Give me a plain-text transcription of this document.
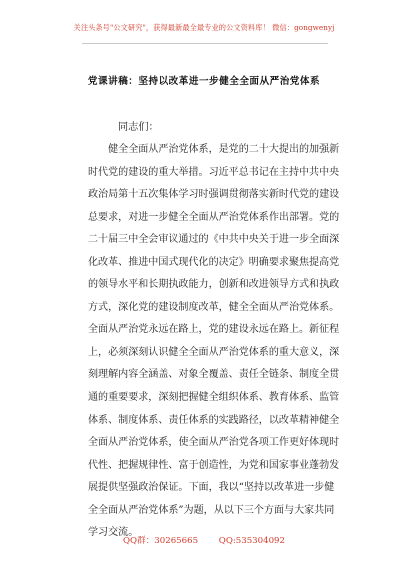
关注头条号"公文研究"，获得最新最全最专业的公文资料库！ 微信：gongwenyj
党课讲稿：坚持以改革进一步健全全面从严治党体系
同志们：
　　健全全面从严治党体系，是党的二十大提出的加强新
时代党的建设的重大举措。习近平总书记在主持中共中央
政治局第十五次集体学习时强调贯彻落实新时代党的建设
总要求，对进一步健全全面从严治党体系作出部署。党的
二十届三中全会审议通过的《中共中央关于进一步全面深
化改革、推进中国式现代化的决定》明确要求聚焦提高党
的领导水平和长期执政能力，创新和改进领导方式和执政
方式，深化党的建设制度改革，健全全面从严治党体系。
全面从严治党永远在路上，党的建设永远在路上。新征程
上，必须深刻认识健全全面从严治党体系的重大意义，深
刻理解内容全涵盖、对象全覆盖、责任全链条、制度全贯
通的重要要求，深刻把握健全组织体系、教育体系、监管
体系、制度体系、责任体系的实践路径，以改革精神健全
全面从严治党体系，使全面从严治党各项工作更好体现时
代性、把握规律性、富于创造性，为党和国家事业蓬勃发
展提供坚强政治保证。下面，我以“坚持以改革进一步健
全全面从严治党体系”为题，从以下三个方面与大家共同
学习交流。
QQ群：30265665 QQ:535304092
